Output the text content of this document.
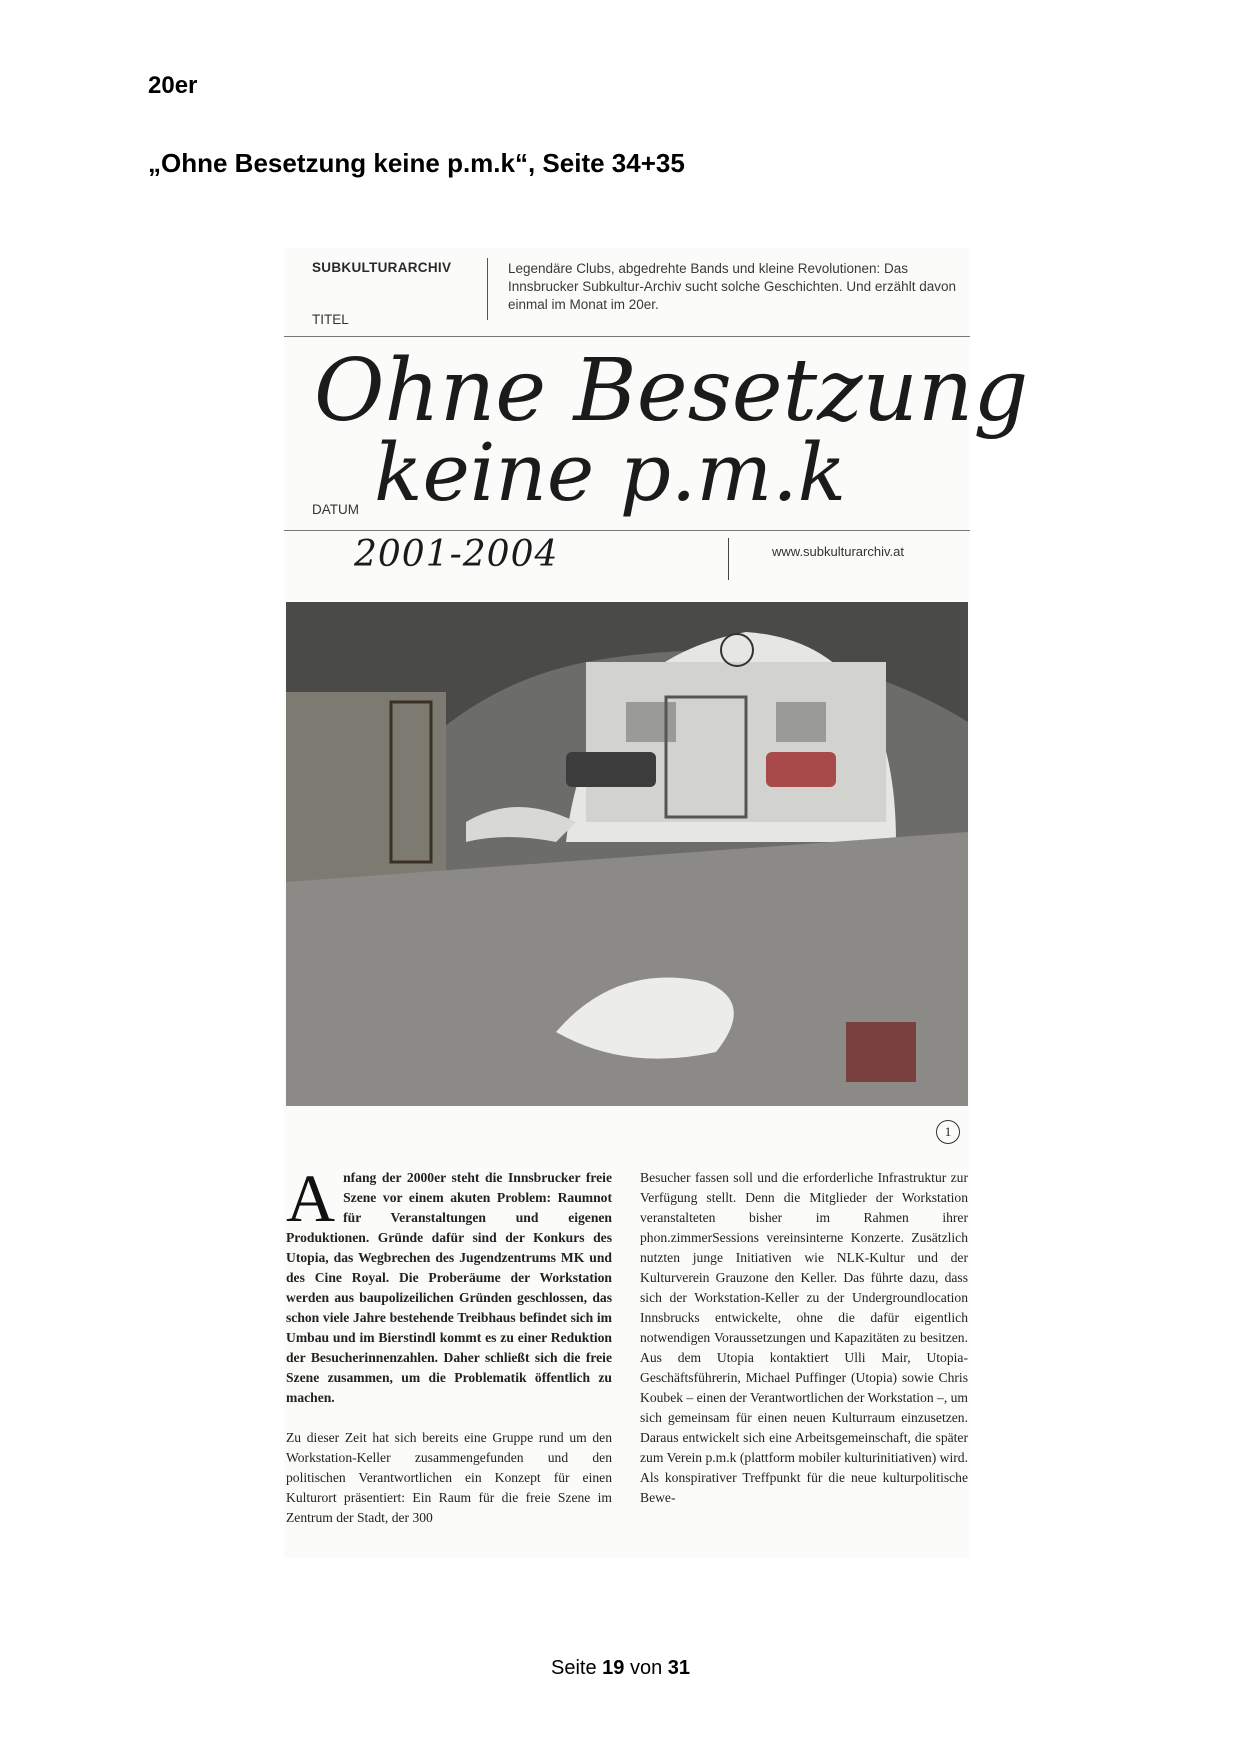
20er
„Ohne Besetzung keine p.m.k“, Seite 34+35
SUBKULTURARCHIV	Legendäre Clubs, abgedrehte Bands und kleine Revolutionen: Das Innsbrucker Subkultur-Archiv sucht solche Geschichten. Und erzählt davon einmal im Monat im 20er.
TITEL
Ohne Besetzung
keine p.m.k
DATUM
2001-2004	www.subkulturarchiv.at
1

Anfang der 2000er steht die Innsbrucker freie Szene vor einem akuten Problem: Raumnot für Veranstaltungen und eigenen Produktionen. Gründe dafür sind der Konkurs des Utopia, das Wegbrechen des Jugendzentrums MK und des Cine Royal. Die Proberäume der Workstation werden aus baupolizeilichen Gründen geschlossen, das schon viele Jahre bestehende Treibhaus befindet sich im Umbau und im Bierstindl kommt es zu einer Reduktion der Besucherinnenzahlen. Daher schließt sich die freie Szene zusammen, um die Problematik öffentlich zu machen.

Zu dieser Zeit hat sich bereits eine Gruppe rund um den Workstation-Keller zusammengefunden und den politischen Verantwortlichen ein Konzept für einen Kulturort präsentiert: Ein Raum für die freie Szene im Zentrum der Stadt, der 300

Besucher fassen soll und die erforderliche Infrastruktur zur Verfügung stellt. Denn die Mitglieder der Workstation veranstalteten bisher im Rahmen ihrer phon.zimmerSessions vereinsinterne Konzerte. Zusätzlich nutzten junge Initiativen wie NLK-Kultur und der Kulturverein Grauzone den Keller. Das führte dazu, dass sich der Workstation-Keller zu der Undergroundlocation Innsbrucks entwickelte, ohne die dafür eigentlich notwendigen Voraussetzungen und Kapazitäten zu besitzen. Aus dem Utopia kontaktiert Ulli Mair, Utopia-Geschäftsführerin, Michael Puffinger (Utopia) sowie Chris Koubek – einen der Verantwortlichen der Workstation –, um sich gemeinsam für einen neuen Kulturraum einzusetzen. Daraus entwickelt sich eine Arbeitsgemeinschaft, die später zum Verein p.m.k (plattform mobiler kulturinitiativen) wird. Als konspirativer Treffpunkt für die neue kulturpolitische Bewe-

Seite 19 von 31
